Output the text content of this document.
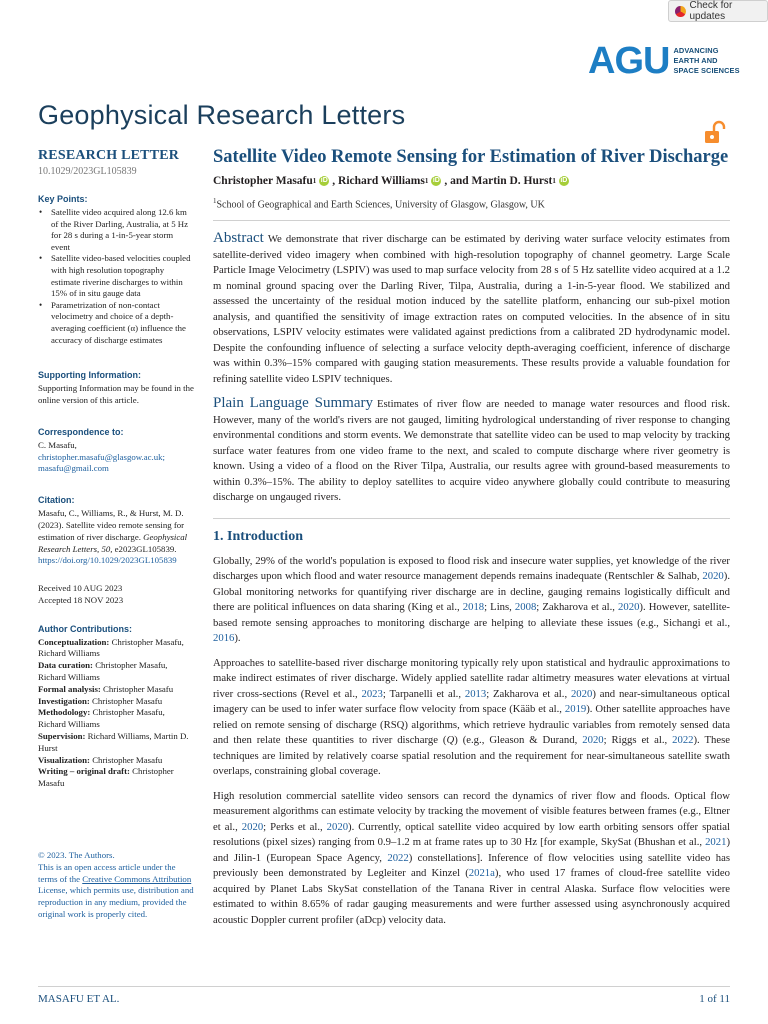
Check for updates
AGU ADVANCING
EARTH AND
SPACE SCIENCES
Geophysical Research Letters
RESEARCH LETTER
10.1029/2023GL105839
Key Points:
• Satellite video acquired along 12.6 km of the River Darling, Australia, at 5 Hz for 28 s during a 1-in-5-year storm event
• Satellite video-based velocities coupled with high resolution topography estimate riverine discharges to within 15% of in situ gauge data
• Parametrization of non-contact velocimetry and choice of a depth-averaging coefficient (α) influence the accuracy of discharge estimates
Supporting Information:

Supporting Information may be found in the online version of this article.

Correspondence to:

C. Masafu,

christopher.masafu@glasgow.ac.uk;

masafu@gmail.com

Citation:

Masafu, C., Williams, R., & Hurst, M. D. (2023). Satellite video remote sensing for estimation of river discharge. Geophysical Research Letters, 50, e2023GL105839. https://doi.org/10.1029/2023GL105839

Received 10 AUG 2023

Accepted 18 NOV 2023

Author Contributions:

Conceptualization: Christopher Masafu, Richard Williams

Data curation: Christopher Masafu, Richard Williams

Formal analysis: Christopher Masafu

Investigation: Christopher Masafu

Methodology: Christopher Masafu, Richard Williams

Supervision: Richard Williams, Martin D. Hurst

Visualization: Christopher Masafu

Writing – original draft: Christopher Masafu

© 2023. The Authors.

This is an open access article under the terms of the Creative Commons Attribution License, which permits use, distribution and reproduction in any medium, provided the original work is properly cited.

Satellite Video Remote Sensing for Estimation of River Discharge
Christopher Masafu 1 iD , Richard Williams 1 iD , and Martin D. Hurst 1 iD

$^1$School of Geographical and Earth Sciences, University of Glasgow, Glasgow, UK

Abstract We demonstrate that river discharge can be estimated by deriving water surface velocity estimates from satellite-derived video imagery when combined with high-resolution topography of channel geometry. Large Scale Particle Image Velocimetry (LSPIV) was used to map surface velocity from 28 s of 5 Hz satellite video acquired at a 1.2 m nominal ground spacing over the Darling River, Tilpa, Australia, during a 1-in-5-year flood. We stabilized and assessed the uncertainty of the residual motion induced by the satellite platform, enhancing our sub-pixel motion analysis, and quantified the sensitivity of image extraction rates on computed velocities. In the absence of in situ observations, LSPIV velocity estimates were validated against predictions from a calibrated 2D hydrodynamic model. Despite the confounding influence of selecting a surface velocity depth-averaging coefficient, inference of discharge was within 0.3%–15% compared with gauging station measurements. These results provide a valuable foundation for refining satellite video LSPIV techniques.

Plain Language Summary Estimates of river flow are needed to manage water resources and flood risk. However, many of the world's rivers are not gauged, limiting hydrological understanding of river response to changing environmental conditions and storm events. We demonstrate that satellite video can be used to map velocity by tracking surface water features from one video frame to the next, and scaled to compute discharge where river geometry is known. Using a video of a flood on the River Tilpa, Australia, our results agree with ground-based measurements to within 0.3%–15%. The ability to deploy satellites to acquire video anywhere globally could contribute to measuring discharge on ungauged rivers.

1. Introduction

Globally, 29% of the world's population is exposed to flood risk and insecure water supplies, yet knowledge of the river discharges upon which flood and water resource management depends remains inadequate (Rentschler & Salhab, 2020). Global monitoring networks for quantifying river discharge are in decline, gauging remains logistically difficult and there are political influences on data sharing (King et al., 2018; Lins, 2008; Zakharova et al., 2020). However, satellite-based remote sensing approaches to monitoring discharge are helping to alleviate these issues (e.g., Sichangi et al., 2016).

Approaches to satellite-based river discharge monitoring typically rely upon statistical and hydraulic approximations to make indirect estimates of river discharge. Widely applied satellite radar altimetry measures water elevations at virtual river cross-sections (Revel et al., 2023; Tarpanelli et al., 2013; Zakharova et al., 2020) and near-simultaneous optical imagery can be used to infer water surface flow velocity from space (Kääb et al., 2019). Other satellite approaches have relied on remote sensing of discharge (RSQ) algorithms, which retrieve hydraulic variables from remotely sensed data and then relate these quantities to river discharge (Q) (e.g., Gleason & Durand, 2020; Riggs et al., 2022). These techniques are limited by relatively coarse spatial resolution and the requirement for near-simultaneous satellite swath overlaps, constraining global coverage.

High resolution commercial satellite video sensors can record the dynamics of river flow and floods. Optical flow measurement algorithms can estimate velocity by tracking the movement of visible features between frames (e.g., Eltner et al., 2020; Perks et al., 2020). Currently, optical satellite video acquired by low earth orbiting sensors offer spatial resolutions (pixel sizes) ranging from 0.9–1.2 m at frame rates up to 30 Hz [for example, SkySat (Bhushan et al., 2021) and Jilin-1 (European Space Agency, 2022) constellations]. Inference of flow velocities using satellite video has previously been demonstrated by Legleiter and Kinzel (2021a), who used 17 frames of cloud-free satellite video acquired by Planet Labs SkySat constellation of the Tanana River in central Alaska. Surface flow velocities were estimated to within 8.65% of radar gauging measurements and were further assessed using asynchronously acquired acoustic Doppler current profiler (aDcp) velocity data.

MASAFU ET AL.	1 of 11
